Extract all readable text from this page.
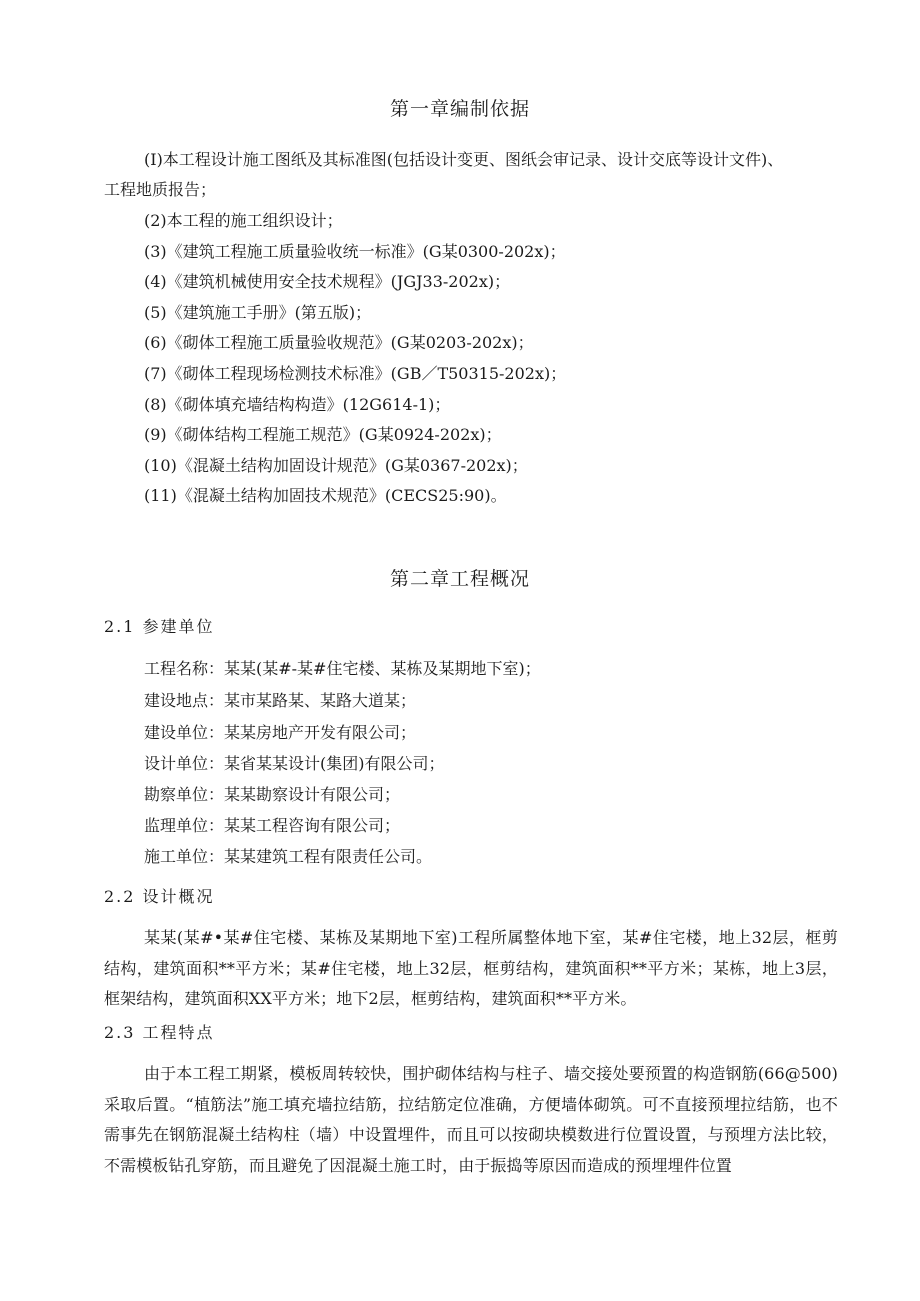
第一章编制依据
(I)本工程设计施工图纸及其标准图(包括设计变更、图纸会审记录、设计交底等设计文件)、
工程地质报告；
(2)本工程的施工组织设计；
(3)《建筑工程施工质量验收统一标准》(G某0300-202x)；
(4)《建筑机械使用安全技术规程》(JGJ33-202x)；
(5)《建筑施工手册》(第五版)；
(6)《砌体工程施工质量验收规范》(G某0203-202x)；
(7)《砌体工程现场检测技术标准》(GB／T50315-202x)；
(8)《砌体填充墙结构构造》(12G614-1)；
(9)《砌体结构工程施工规范》(G某0924-202x)；
(10)《混凝土结构加固设计规范》(G某0367-202x)；
(11)《混凝土结构加固技术规范》(CECS25:90)。
第二章工程概况
2.1 参建单位
工程名称：某某(某#-某#住宅楼、某栋及某期地下室)；
建设地点：某市某路某、某路大道某；
建设单位：某某房地产开发有限公司；
设计单位：某省某某设计(集团)有限公司；
勘察单位：某某勘察设计有限公司；
监理单位：某某工程咨询有限公司；
施工单位：某某建筑工程有限责任公司。
2.2 设计概况
某某(某#•某#住宅楼、某栋及某期地下室)工程所属整体地下室，某#住宅楼，地上32层，框剪结构，建筑面积**平方米；某#住宅楼，地上32层，框剪结构，建筑面积**平方米；某栋，地上3层，框架结构，建筑面积XX平方米；地下2层，框剪结构，建筑面积**平方米。
2.3 工程特点
由于本工程工期紧，模板周转较快，围护砌体结构与柱子、墙交接处要预置的构造钢筋(66@500)采取后置。“植筋法”施工填充墙拉结筋，拉结筋定位准确，方便墙体砌筑。可不直接预埋拉结筋，也不需事先在钢筋混凝土结构柱（墙）中设置埋件，而且可以按砌块模数进行位置设置，与预埋方法比较，不需模板钻孔穿筋，而且避免了因混凝土施工时，由于振捣等原因而造成的预埋埋件位置
